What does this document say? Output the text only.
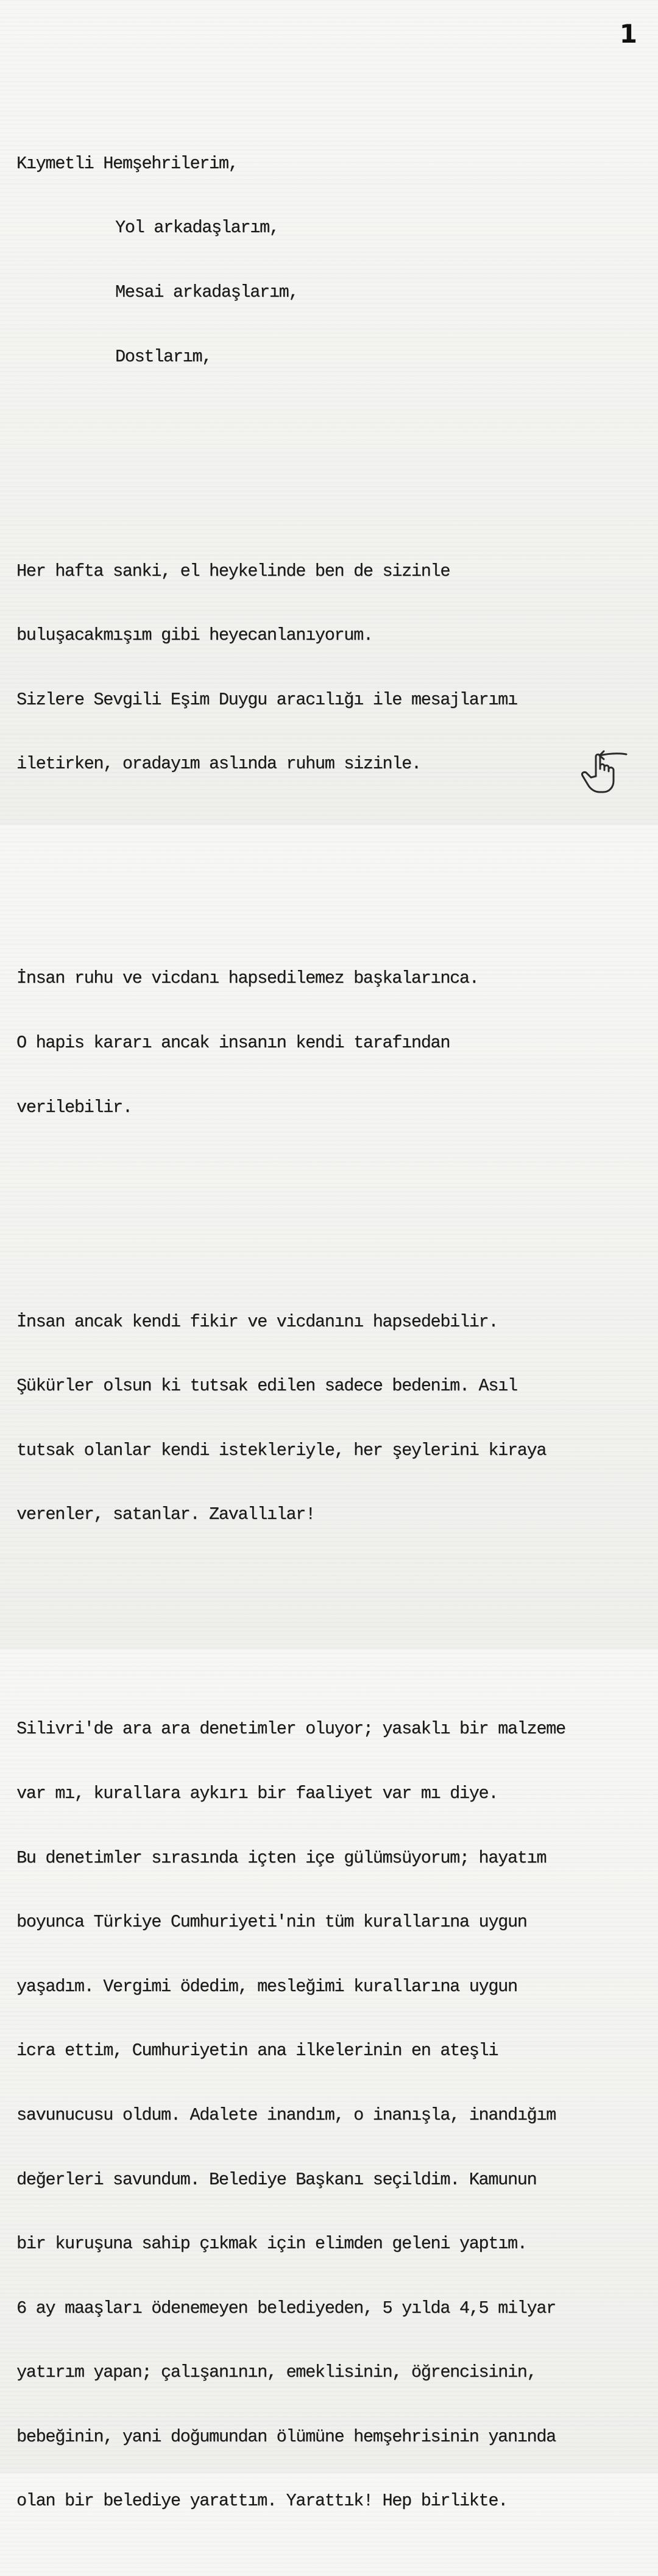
1

Kıymetli Hemşehrilerim,

Yol arkadaşlarım,

Mesai arkadaşlarım,

Dostlarım,

Her hafta sanki, el heykelinde ben de sizinle

buluşacakmışım gibi heyecanlanıyorum.

Sizlere Sevgili Eşim Duygu aracılığı ile mesajlarımı

iletirken, oradayım aslında ruhum sizinle.

İnsan ruhu ve vicdanı hapsedilemez başkalarınca.

O hapis kararı ancak insanın kendi tarafından

verilebilir.

İnsan ancak kendi fikir ve vicdanını hapsedebilir.

Şükürler olsun ki tutsak edilen sadece bedenim. Asıl

tutsak olanlar kendi istekleriyle, her şeylerini kiraya

verenler, satanlar. Zavallılar!

Silivri'de ara ara denetimler oluyor; yasaklı bir malzeme

var mı, kurallara aykırı bir faaliyet var mı diye.

Bu denetimler sırasında içten içe gülümsüyorum; hayatım

boyunca Türkiye Cumhuriyeti'nin tüm kurallarına uygun

yaşadım. Vergimi ödedim, mesleğimi kurallarına uygun

icra ettim, Cumhuriyetin ana ilkelerinin en ateşli

savunucusu oldum. Adalete inandım, o inanışla, inandığım

değerleri savundum. Belediye Başkanı seçildim. Kamunun

bir kuruşuna sahip çıkmak için elimden geleni yaptım.

6 ay maaşları ödenemeyen belediyeden, 5 yılda 4,5 milyar

yatırım yapan; çalışanının, emeklisinin, öğrencisinin,

bebeğinin, yani doğumundan ölümüne hemşehrisinin yanında

olan bir belediye yarattım. Yarattık! Hep birlikte.
